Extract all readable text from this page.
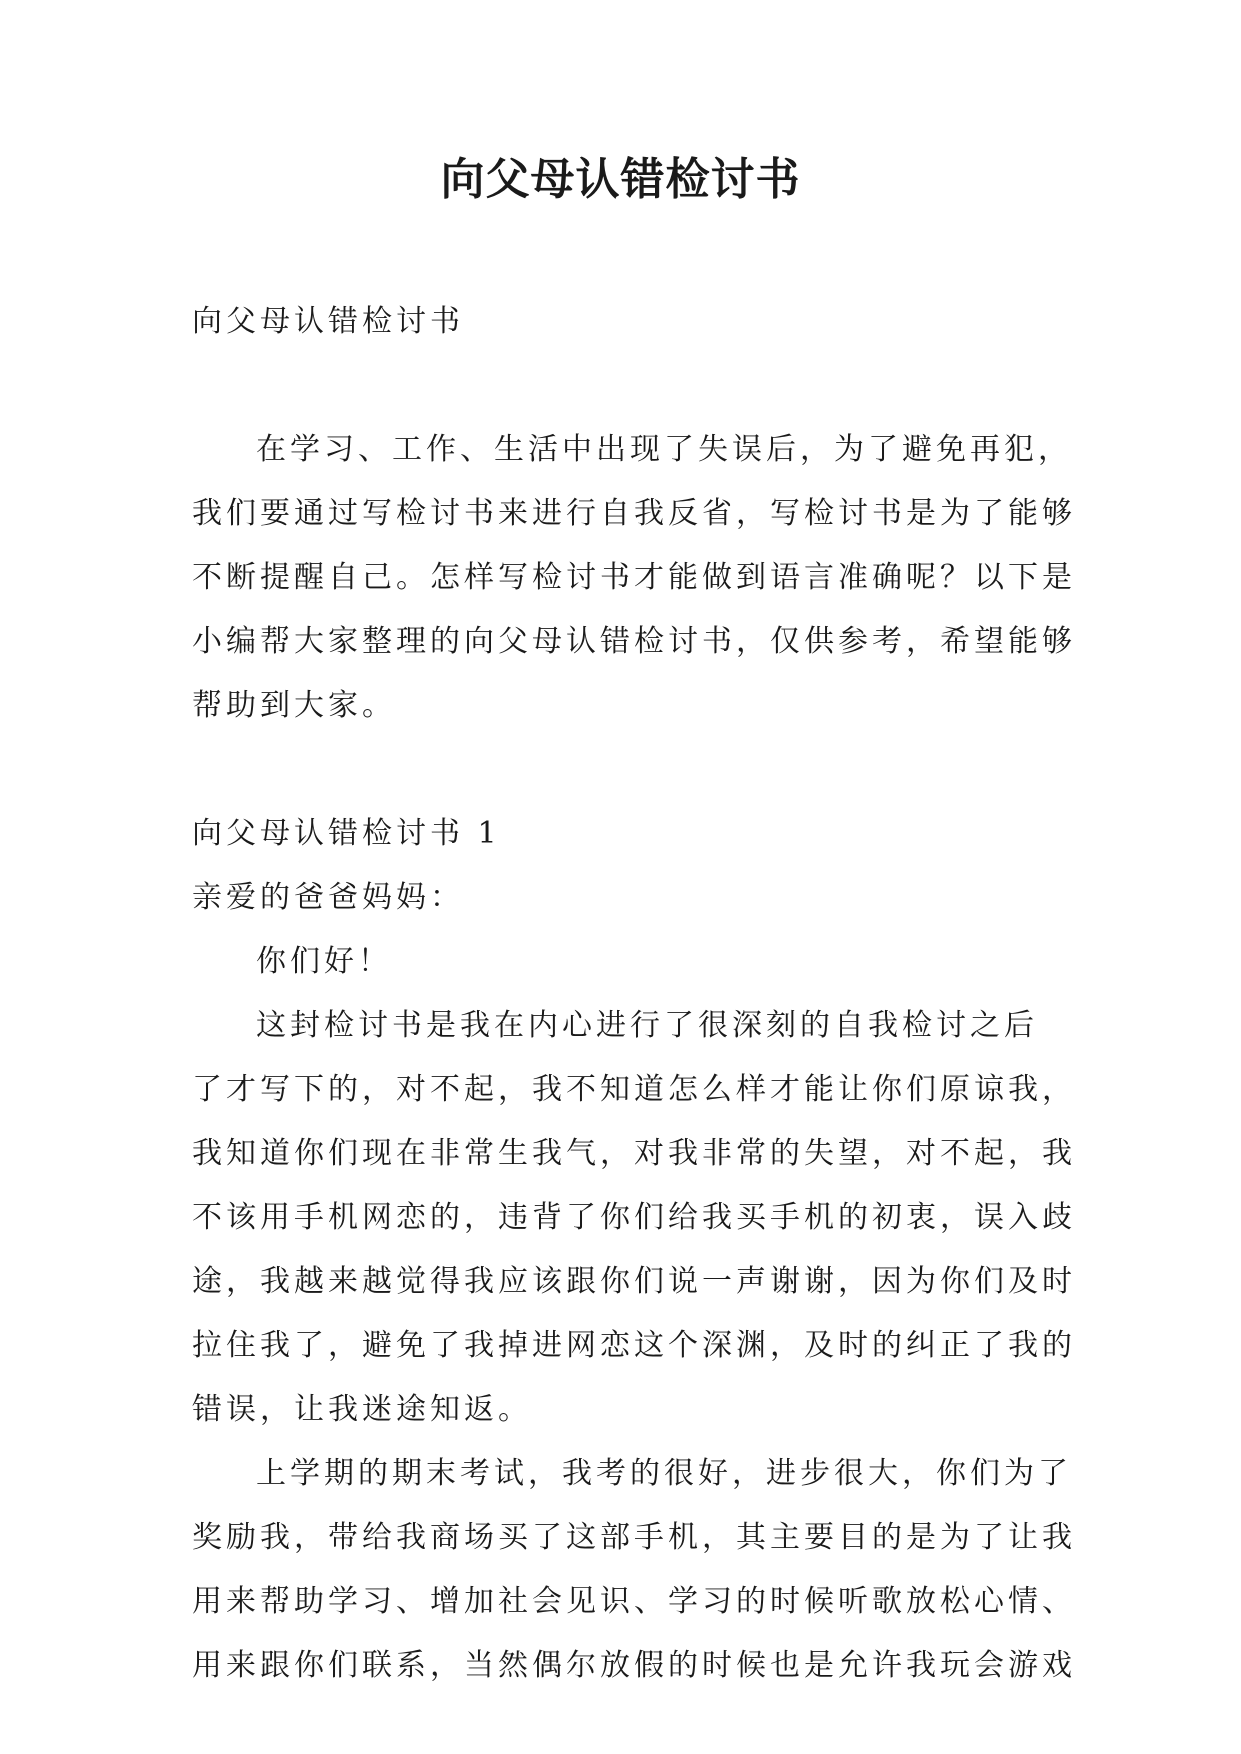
向父母认错检讨书
向父母认错检讨书
在学习、工作、生活中出现了失误后，为了避免再犯，
我们要通过写检讨书来进行自我反省，写检讨书是为了能够
不断提醒自己。怎样写检讨书才能做到语言准确呢？以下是
小编帮大家整理的向父母认错检讨书，仅供参考，希望能够
帮助到大家。
向父母认错检讨书 1
亲爱的爸爸妈妈：
你们好！
这封检讨书是我在内心进行了很深刻的自我检讨之后
了才写下的，对不起，我不知道怎么样才能让你们原谅我，
我知道你们现在非常生我气，对我非常的失望，对不起，我
不该用手机网恋的，违背了你们给我买手机的初衷，误入歧
途，我越来越觉得我应该跟你们说一声谢谢，因为你们及时
拉住我了，避免了我掉进网恋这个深渊，及时的纠正了我的
错误，让我迷途知返。
上学期的期末考试，我考的很好，进步很大，你们为了
奖励我，带给我商场买了这部手机，其主要目的是为了让我
用来帮助学习、增加社会见识、学习的时候听歌放松心情、
用来跟你们联系，当然偶尔放假的时候也是允许我玩会游戏
